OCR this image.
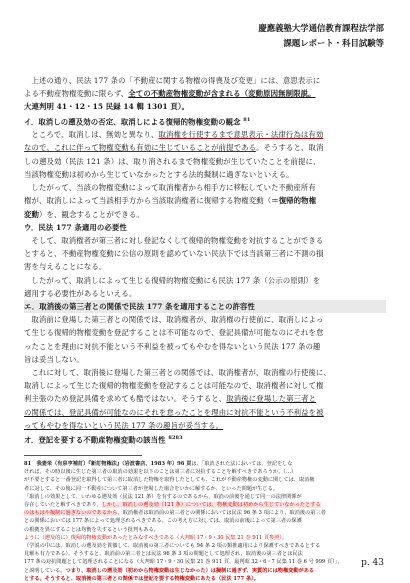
慶應義塾大学通信教育課程法学部
課題レポート・科目試験等

上述の通り、民法 177 条の「不動産に関する物権の得喪及び変更」には、意思表示に

よる不動産物権変動に限らず、全ての不動産物権変動が含まれる（変動原因無制限説。

大連判明 41・12・15 民録 14 輯 1301 頁）。

イ．取消しの遡及効の否定、取消しによる復帰的物権変動の観念 $^{81}$

ところで、取消しは、無効と異なり、取消権を行使するまで意思表示・法律行為は有効

なので、これに伴って物権変動も有効に生じていることが前提である。そうすると、取消

しの遡及効（民法 121 条）は、取り消されるまで物権変動が生じていたことを前提に、

当該物権変動は初めから生じていなかったとする法的擬制に過ぎないといえる。

したがって、当該の物権変動によって取消権者から相手方に移転していた不動産所有

権が、取消しによって当該相手方から当該取消権者に復帰する物権変動（＝復帰的物権

変動）を、観念することができる。

ウ．民法 177 条適用の必要性

そして、取消権者が第三者に対し登記なくして復帰的物権変動を対抗することができる

とすると、不動産物権変動に公信の原則を認めていない民法下では当該第三者に不測の損

害を与えることになる。

したがって、取消しによって生じる復帰的物権変動にも民法 177 条（公示の原則）を

適用する必要性があるといえる。

エ．取消後の第三者との関係で民法 177 条を適用することの許容性

取消前に登場した第三者との関係では、取消権者が、取消権の行使前に、取消しによっ

て生じる復帰的物権変動を登記することは不可能なので、登記具備が可能なのにそれを怠

ったことを理由に対抗不能という不利益を被ってもやむを得ないという民法 177 条の趣

旨は妥当しない。

これに対して、取消後に登場した第三者との関係では、取消権者が、取消権の行使後に、

取消しによって生じた復帰的物権変動を登記することは可能なので、取消権者に対して権

利主張のため登記具備を求めても酷ではない。そうすると、取消後に登場した第三者と

の関係では、登記具備が可能なのにそれを怠ったことを理由に対抗不能という不利益を被

ってもやむを得ないという民法 177 条の趣旨が妥当する。

オ．登記を要する不動産物権変動の該当性 $^{8283}$

81　 我妻栄（有泉亨補訂）『新訂物権法』（岩波書店、1983 年）96 頁は、「取消された法においては、登記をしな

ければ、その時以後に生じた第三者の取消の効果を以下のことは第三者に対抗することを解すべきであろうか。（…）

が不要とすると一番登記を取得して第三者に取消した物権を取得したとしても、これが不動産物権の変動に関しては、取消権

者に対して、その後に同一不動産について第三者が登場した場合をいかに解するか、といった問題が生じる。

「取消しの効果として、いわゆる遡及効（民法 121 条）を有するのであるから、取消の前後を通じて同一の法律関係が

存在していたと解すべきであり、しかし、取消しの遡及効（121 条）については、物権変動は初めから生じていなかったとする

のはもはや擬制に過ぎないのであるから、取消権者は取消前の第三者との関係においては民法 96 条 3 項により、取消後の第三者

との関係においては 177 条によって処理されるべきである。この考え方に対しては、取消の前後によって第三者の保護

の根拠を異にすることは均衡を失するという批判もある。

ように（遡及的に）復帰的物権変動があったとみなすべきである（大判昭 17・9・30 民集 21 巻 911 頁参照）。

（学説の中には、取消しの遡及効を貫徹して、取消後の第三者についても 94 条 2 項の類推適用により保護すべきであるとする

見解も有力である）。そうすると、取消前の第三者とは民法 96 条 3 項の問題として処理され、取消後の第三者とは民法

177 条の対抗問題として処理されることになる（大判昭 17・9・30 民集 21 巻 911 頁、最判昭 32・6・7 民集 11 巻 6 号 999 頁）」、

と説明している。つまり、取消しの遡及効（初めから物権変動は生じなかった）は擬制に過ぎず、実質的には物権変動がある

とする。そうすると、取消後の第三者との関係では登記を要する物権変動にあたる（民法 177 条）。

p. 43
